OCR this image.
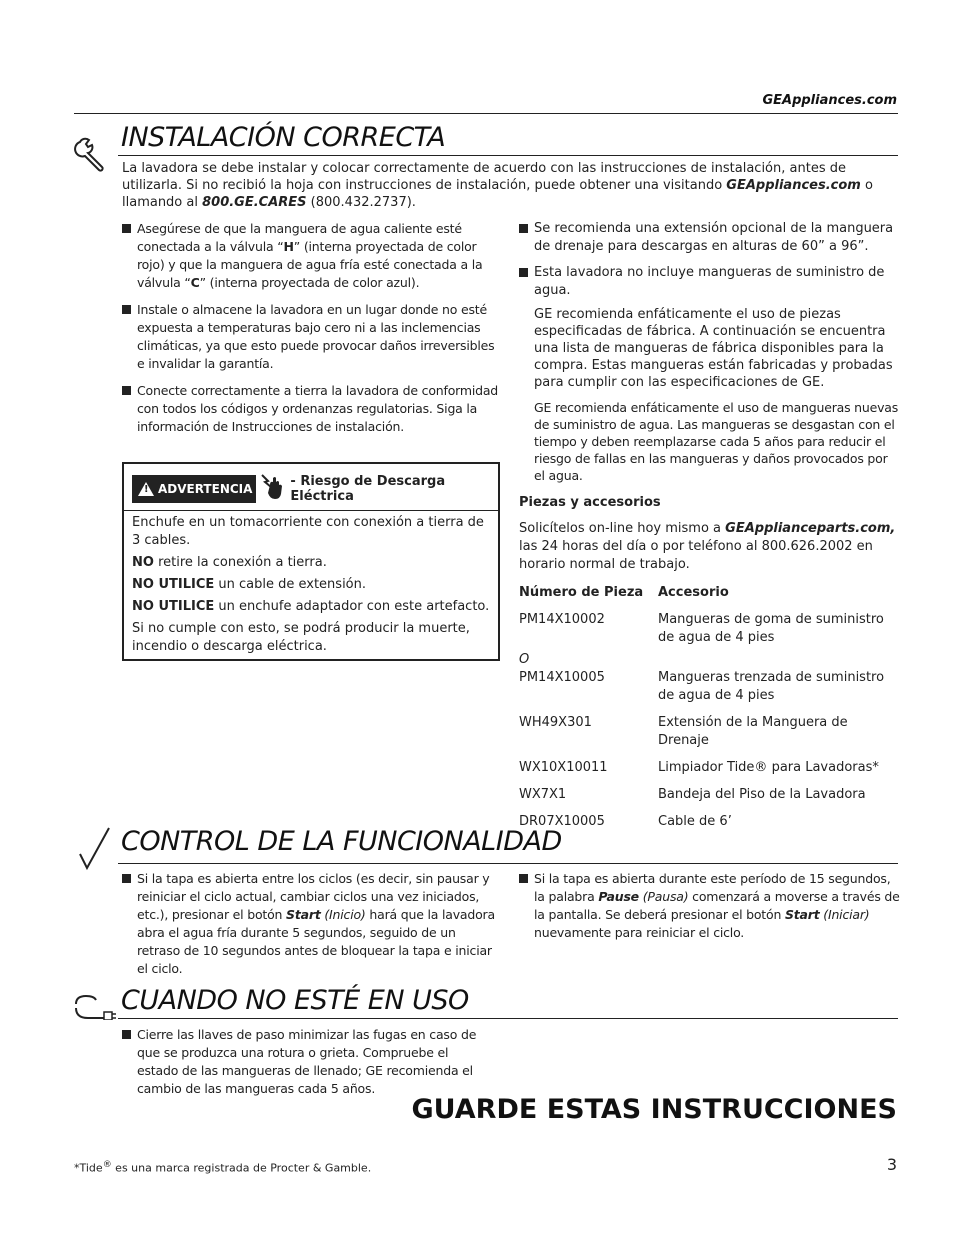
GEAppliances.com
INSTALACIÓN CORRECTA
La lavadora se debe instalar y colocar correctamente de acuerdo con las instrucciones de instalación, antes de utilizarla. Si no recibió la hoja con instrucciones de instalación, puede obtener una visitando GEAppliances.com o llamando al 800.GE.CARES (800.432.2737).
Asegúrese de que la manguera de agua caliente esté conectada a la válvula “H” (interna proyectada de color rojo) y que la manguera de agua fría esté conectada a la válvula “C” (interna proyectada de color azul).
Instale o almacene la lavadora en un lugar donde no esté expuesta a temperaturas bajo cero ni a las inclemencias climáticas, ya que esto puede provocar daños irreversibles e invalidar la garantía.
Conecte correctamente a tierra la lavadora de conformidad con todos los códigos y ordenanzas regulatorias. Siga la información de Instrucciones de instalación.
! ADVERTENCIA	- Riesgo de Descarga Eléctrica

Enchufe en un tomacorriente con conexión a tierra de 3 cables.

NO retire la conexión a tierra.

NO UTILICE un cable de extensión.

NO UTILICE un enchufe adaptador con este artefacto.

Si no cumple con esto, se podrá producir la muerte, incendio o descarga eléctrica.

Se recomienda una extensión opcional de la manguera de drenaje para descargas en alturas de 60” a 96”.
Esta lavadora no incluye mangueras de suministro de agua.
GE recomienda enfáticamente el uso de piezas especificadas de fábrica. A continuación se encuentra una lista de mangueras de fábrica disponibles para la compra. Estas mangueras están fabricadas y probadas para cumplir con las especificaciones de GE.
GE recomienda enfáticamente el uso de mangueras nuevas de suministro de agua. Las mangueras se desgastan con el tiempo y deben reemplazarse cada 5 años para reducir el riesgo de fallas en las mangueras y daños provocados por el agua.
Piezas y accesorios
Solicítelos on-line hoy mismo a GEApplianceparts.com, las 24 horas del día o por teléfono al 800.626.2002 en horario normal de trabajo.
Número de Pieza	Accesorio
PM14X10002	Mangueras de goma de suministro de agua de 4 pies
O	
PM14X10005	Mangueras trenzada de suministro de agua de 4 pies
WH49X301	Extensión de la Manguera de Drenaje
WX10X10011	Limpiador Tide® para Lavadoras*
WX7X1	Bandeja del Piso de la Lavadora
DR07X10005	Cable de 6’
CONTROL DE LA FUNCIONALIDAD
Si la tapa es abierta entre los ciclos (es decir, sin pausar y reiniciar el ciclo actual, cambiar ciclos una vez iniciados, etc.), presionar el botón Start (Inicio) hará que la lavadora abra el agua fría durante 5 segundos, seguido de un retraso de 10 segundos antes de bloquear la tapa e iniciar el ciclo.
Si la tapa es abierta durante este período de 15 segundos, la palabra Pause (Pausa) comenzará a moverse a través de la pantalla. Se deberá presionar el botón Start (Iniciar) nuevamente para reiniciar el ciclo.
CUANDO NO ESTÉ EN USO
Cierre las llaves de paso minimizar las fugas en caso de que se produzca una rotura o grieta. Compruebe el estado de las mangueras de llenado; GE recomienda el cambio de las mangueras cada 5 años.
GUARDE ESTAS INSTRUCCIONES
3
*Tide® es una marca registrada de Procter & Gamble.
